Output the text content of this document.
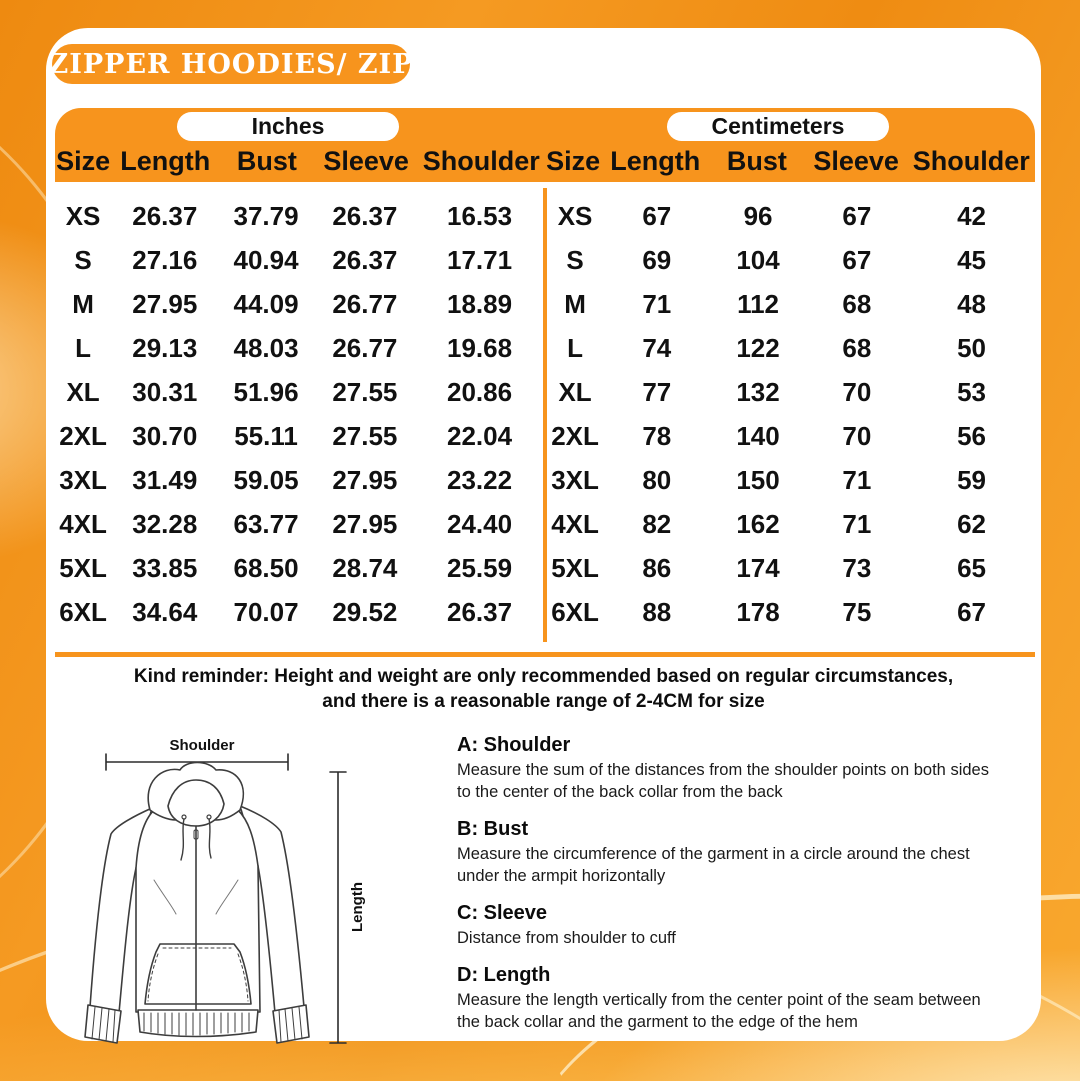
ZIPPER HOODIES/ ZIP
Inches
Size Length Bust Sleeve Shoulder
Centimeters
Size Length Bust Sleeve Shoulder
XS 26.37 37.79 26.37 16.53
S 27.16 40.94 26.37 17.71
M 27.95 44.09 26.77 18.89
L 29.13 48.03 26.77 19.68
XL 30.31 51.96 27.55 20.86
2XL 30.70 55.11 27.55 22.04
3XL 31.49 59.05 27.95 23.22
4XL 32.28 63.77 27.95 24.40
5XL 33.85 68.50 28.74 25.59
6XL 34.64 70.07 29.52 26.37
XS 67	96	67	42
S 69	104 67	45
M 71	112 68	48
L 74	122 68	50
XL 77	132 70	53
2XL 78	140 70	56
3XL 80	150 71	59
4XL 82	162 71	62
5XL 86	174 73	65
6XL 88	178 75	67
Kind reminder: Height and weight are only recommended based on regular circumstances,
and there is a reasonable range of 2-4CM for size
Shoulder
Length
A: Shoulder
Measure the sum of the distances from the shoulder points on both sides to the center of the back collar from the back
B: Bust
Measure the circumference of the garment in a circle around the chest under the armpit horizontally
C: Sleeve
Distance from shoulder to cuff
D: Length
Measure the length vertically from the center point of the seam between the back collar and the garment to the edge of the hem
